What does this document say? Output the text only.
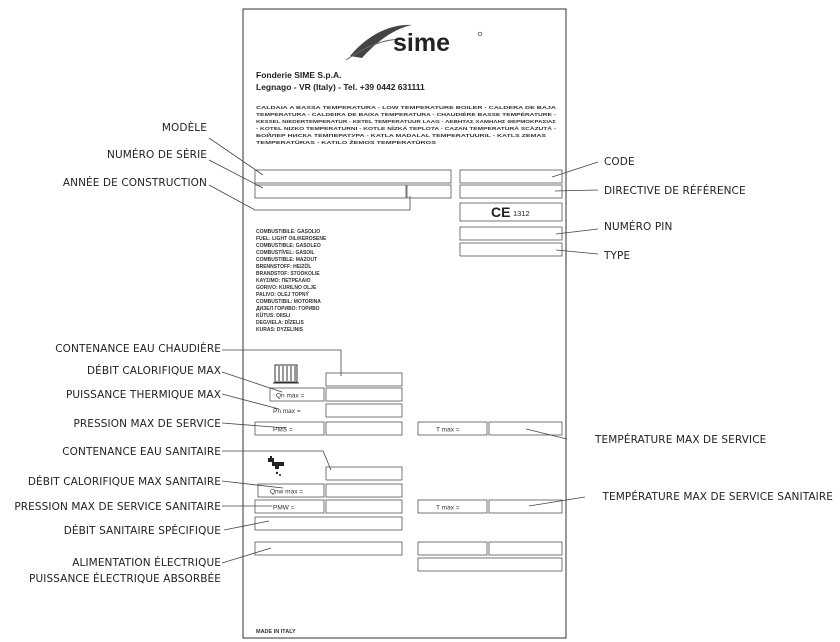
sime
Fonderie SIME S.p.A.
Legnago - VR (Italy) - Tel. +39 0442 631111
CALDAIA A BASSA TEMPERATURA - LOW TEMPERATURE BOILER - CALDERA DE BAJA
TEMPERATURA - CALDEIRA DE BAIXA TEMPERATURA - CHAUDIÈRE BASSE TEMPÉRATURE -
KESSEL NIEDERTEMPERATUR - KETEL TEMPERATUUR LAAG - ΛΕΒΗΤΑΣ ΧΑΜΗΛΗΣ ΘΕΡΜΟΚΡΑΣΙΑΣ
- KOTEL NIZKO TEMPERATURNI - KOTLE NÍZKÁ TEPLOTA - CAZAN TEMPERATURĂ SCĂZUTĂ -
БОЙЛЕР НИСКА ТЕМПЕРАТУРА - KATLA MADALAL TEMPERATUURIL - KATLS ZEMAS
TEMPERATŪRAS - KATILO ŽEMOS TEMPERATŪROS
CE 1312
COMBUSTIBILE: GASOLIO
FUEL: LIGHT OIL/KEROSENE
COMBUSTIBLE: GASOLEO
COMBUSTÍVEL: GASOIL
COMBUSTIBLE: MAZOUT
BRENNSTOFF: HEIZÖL
BRANDSTOF: STOOKOLIE
ΚΑΥΣΙΜΟ: ΠΕΤΡΕΛΑΙΟ
GORIVO: KURILNO OLJE
PALIVO: OLEJ TOPNÝ
COMBUSTIBIL: MOTORINA
ДИЗЕЛ ГОРИВО: ГОРИВО
KÜTUS: DIISLI
DEGVIELA: DĪZELIS
KURAS: DYZELINIS
Qn max =
Pn max =
PMS =	T max =
Qnw max =
PMW =	T max =
MADE IN ITALY
MODÈLE
NUMÉRO DE SÉRIE
ANNÉE DE CONSTRUCTION
CODE
DIRECTIVE DE RÉFÉRENCE
NUMÉRO PIN
TYPE
CONTENANCE EAU CHAUDIÈRE
DÉBIT CALORIFIQUE MAX
PUISSANCE THERMIQUE MAX
PRESSION MAX DE SERVICE
TEMPÉRATURE MAX DE SERVICE
CONTENANCE EAU SANITAIRE
DÉBIT CALORIFIQUE MAX SANITAIRE
PRESSION MAX DE SERVICE SANITAIRE
TEMPÉRATURE MAX DE SERVICE SANITAIRE
DÉBIT SANITAIRE SPÉCIFIQUE
ALIMENTATION ÉLECTRIQUE
PUISSANCE ÉLECTRIQUE ABSORBÉE
